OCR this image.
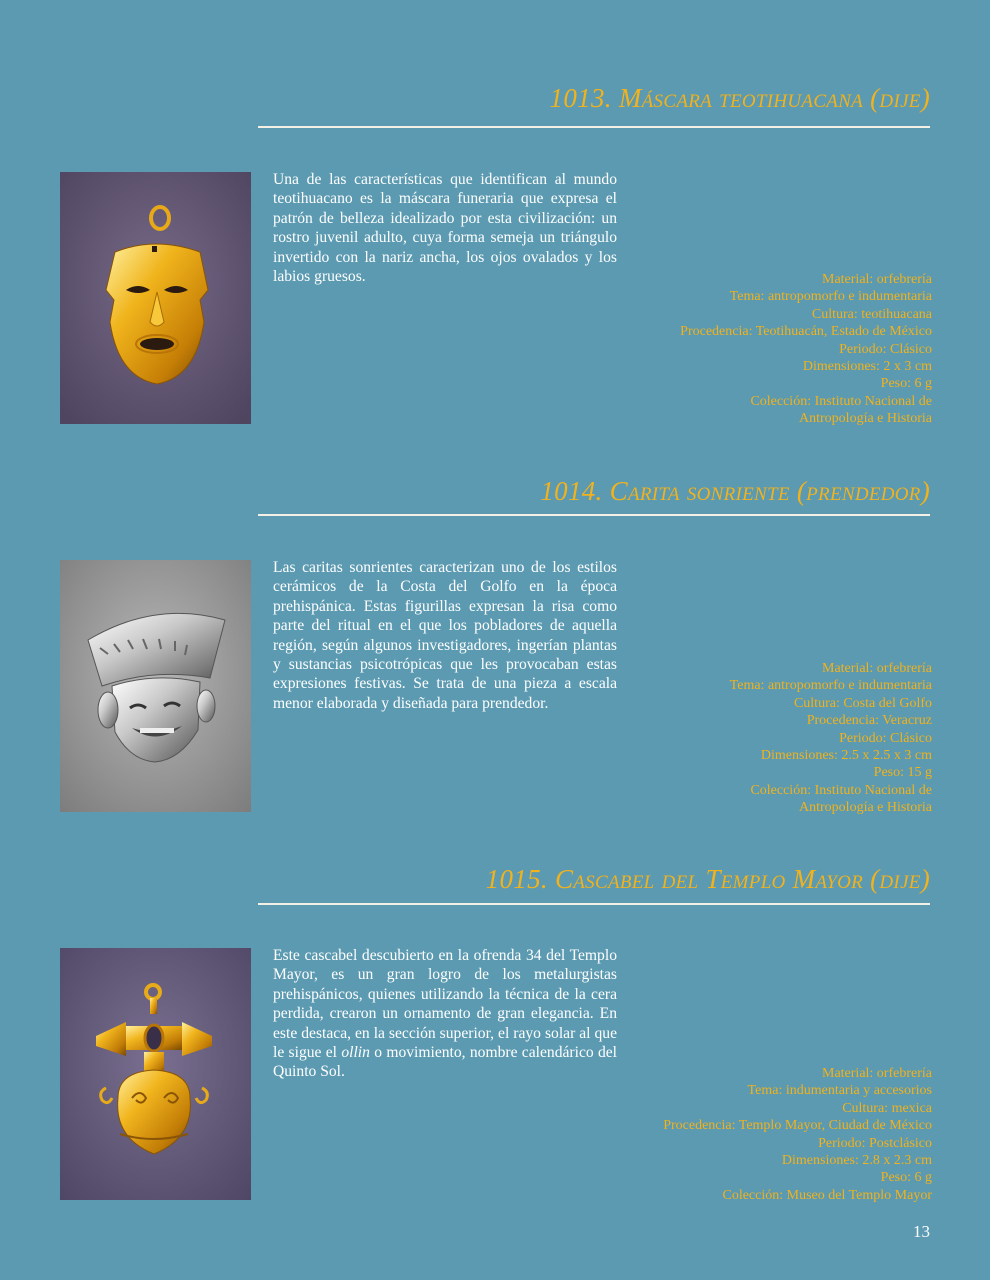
1013. Máscara teotihuacana (dije)

Una de las características que identifican al mundo teotihuacano es la máscara funeraria que expresa el patrón de belleza idealizado por esta civilización: un rostro juvenil adulto, cuya forma semeja un triángulo invertido con la nariz ancha, los ojos ovalados y los labios gruesos.	Material: orfebrería
Tema: antropomorfo e indumentaria
Cultura: teotihuacana
Procedencia: Teotihuacán, Estado de México
Periodo: Clásico
Dimensiones: 2 x 3 cm
Peso: 6 g
Colección: Instituto Nacional de
Antropología e Historia
1014. Carita sonriente (prendedor)

Las caritas sonrientes caracterizan uno de los estilos cerámicos de la Costa del Golfo en la época prehispánica. Estas figurillas expresan la risa como parte del ritual en el que los pobladores de aquella región, según algunos investigadores, ingerían plantas y sustancias psicotrópicas que les provocaban estas expresiones festivas. Se trata de una pieza a escala menor elaborada y diseñada para prendedor.

Material: orfebrería
Tema: antropomorfo e indumentaria
Cultura: Costa del Golfo
Procedencia: Veracruz
Periodo: Clásico
Dimensiones: 2.5 x 2.5 x 3 cm
Peso: 15 g
Colección: Instituto Nacional de
Antropología e Historia
1015. Cascabel del Templo Mayor (dije)

Este cascabel descubierto en la ofrenda 34 del Templo Mayor, es un gran logro de los metalurgistas prehispánicos, quienes utilizando la técnica de la cera perdida, crearon un ornamento de gran elegancia. En este destaca, en la sección superior, el rayo solar al que le sigue el ollin o movimiento, nombre calendárico del Quinto Sol.	Material: orfebrería
Tema: indumentaria y accesorios
Cultura: mexica
Procedencia: Templo Mayor, Ciudad de México
Periodo: Postclásico
Dimensiones: 2.8 x 2.3 cm
Peso: 6 g
Colección: Museo del Templo Mayor
13
